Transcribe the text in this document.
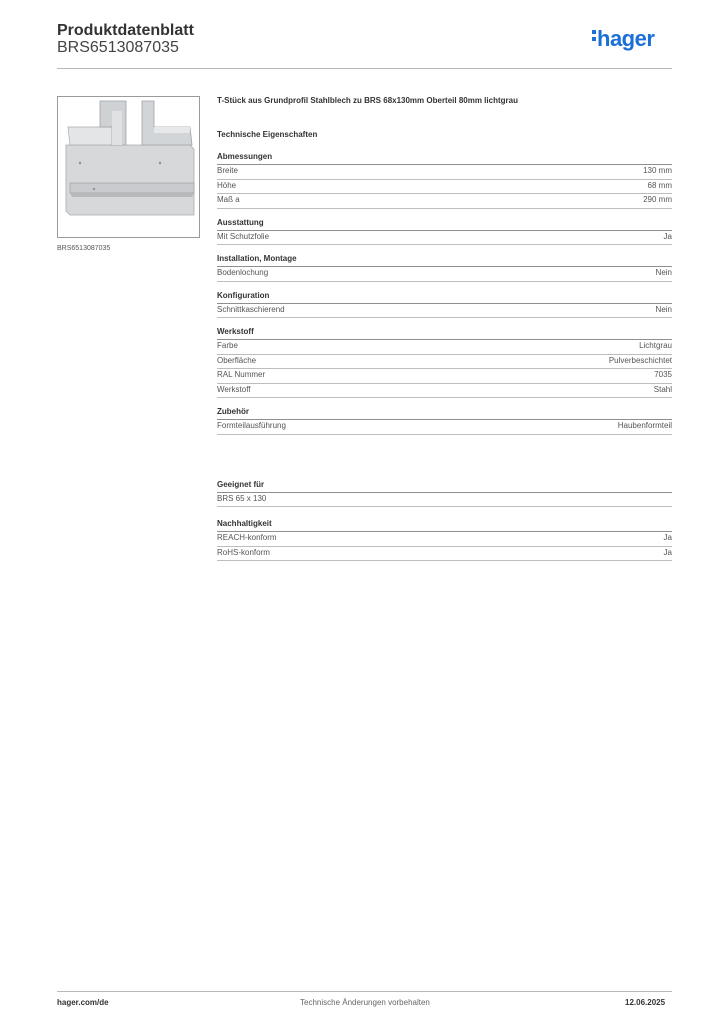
Produktdatenblatt
BRS6513087035	hager
BRS6513087035
T-Stück aus Grundprofil Stahlblech zu BRS 68x130mm Oberteil 80mm lichtgrau
Technische Eigenschaften
Abmessungen
Breite	130 mm
Höhe	68 mm
Maß a	290 mm
Ausstattung
Mit Schutzfolie	Ja
Installation, Montage
Bodenlochung	Nein
Konfiguration
Schnittkaschierend	Nein
Werkstoff
Farbe	Lichtgrau
Oberfläche	Pulverbeschichtet
RAL Nummer	7035
Werkstoff	Stahl
Zubehör
Formteilausführung	Haubenformteil
Geeignet für
BRS 65 x 130
Nachhaltigkeit
REACH-konform	Ja
RoHS-konform	Ja
hager.com/de	Technische Änderungen vorbehalten	12.06.2025
